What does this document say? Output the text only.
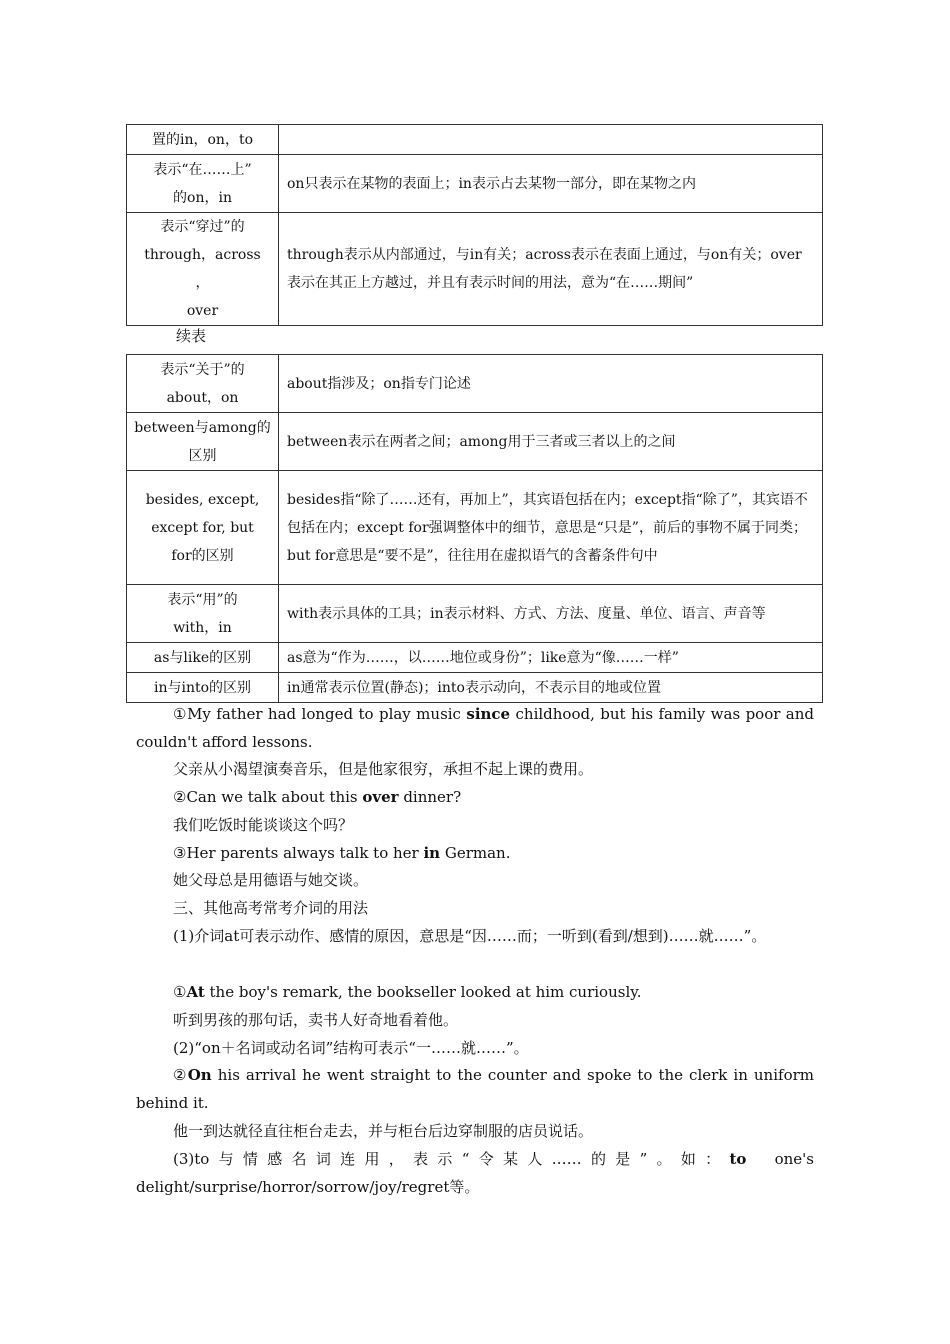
置的in，on，to	

表示“在……上”
的on，in	on只表示在某物的表面上；in表示占去某物一部分，即在某物之内

表示“穿过”的
through，across
，
over	through表示从内部通过，与in有关；across表示在表面上通过，与on有关；over表示在其正上方越过，并且有表示时间的用法，意为“在……期间”
续表
表示“关于”的
about，on	about指涉及；on指专门论述

between与among的
区别	between表示在两者之间；among用于三者或三者以上的之间

besides, except,
except for, but
for的区别	besides指“除了……还有，再加上”，其宾语包括在内；except指“除了”，其宾语不包括在内；except for强调整体中的细节，意思是“只是”，前后的事物不属于同类；but for意思是“要不是”，往往用在虚拟语气的含蓄条件句中

表示“用”的
with，in	with表示具体的工具；in表示材料、方式、方法、度量、单位、语言、声音等

as与like的区别	as意为“作为……，以……地位或身份”；like意为“像……一样”

in与into的区别	in通常表示位置(静态)；into表示动向，不表示目的地或位置

①My father had longed to play music since childhood, but his family was poor and couldn't afford lessons.

父亲从小渴望演奏音乐，但是他家很穷，承担不起上课的费用。

②Can we talk about this over dinner?

我们吃饭时能谈谈这个吗？

③Her parents always talk to her in German.

她父母总是用德语与她交谈。

三、其他高考常考介词的用法

(1)介词at可表示动作、感情的原因，意思是“因……而；一听到(看到/想到)……就……”。

①At the boy's remark, the bookseller looked at him curiously.

听到男孩的那句话，卖书人好奇地看着他。

(2)“on＋名词或动名词”结构可表示“一……就……”。

②On his arrival he went straight to the counter and spoke to the clerk in uniform behind it.

他一到达就径直往柜台走去，并与柜台后边穿制服的店员说话。

(3)to与情感名词连用，表示“令某人……的是”。如：to  one's delight/surprise/horror/sorrow/joy/regret等。
